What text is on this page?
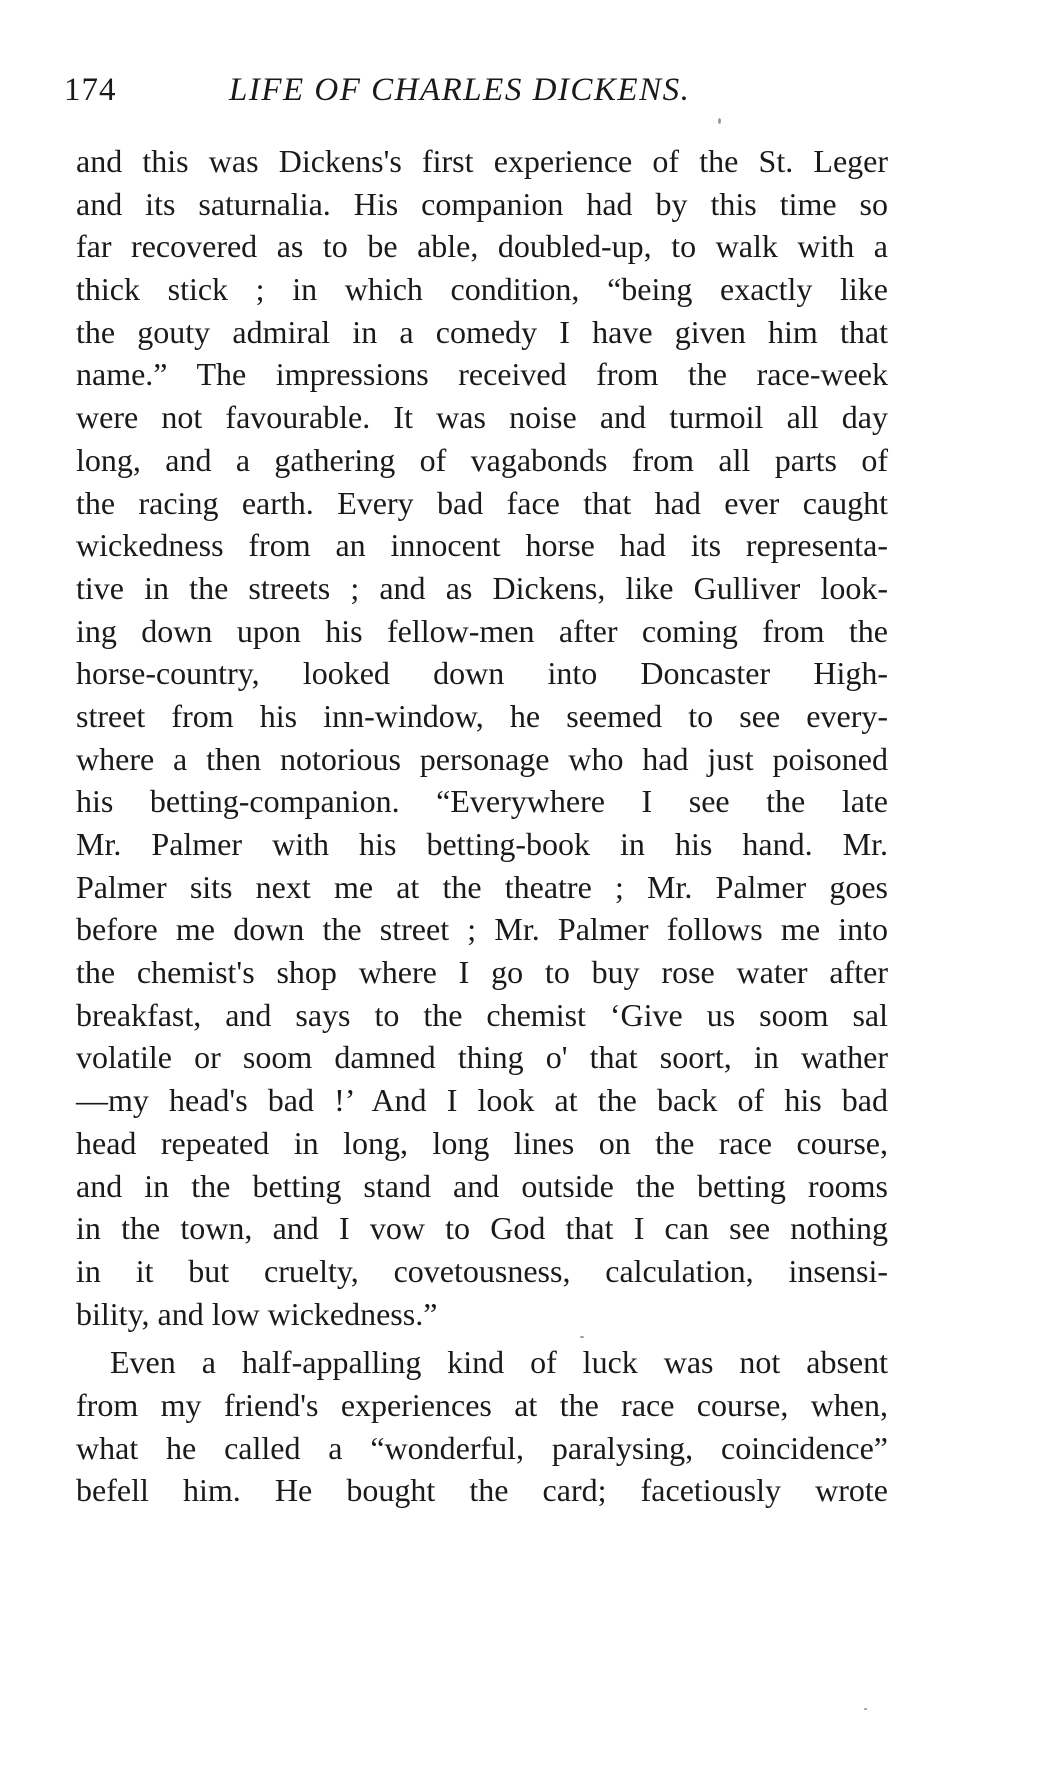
174	LIFE OF CHARLES DICKENS.
and this was Dickens's first experience of the St. Leger
and its saturnalia. His companion had by this time so
far recovered as to be able, doubled-up, to walk with a
thick stick ; in which condition, “being exactly like
the gouty admiral in a comedy I have given him that
name.” The impressions received from the race-week
were not favourable. It was noise and turmoil all day
long, and a gathering of vagabonds from all parts of
the racing earth. Every bad face that had ever caught
wickedness from an innocent horse had its representa-
tive in the streets ; and as Dickens, like Gulliver look-
ing down upon his fellow-men after coming from the
horse-country, looked down into Doncaster High-
street from his inn-window, he seemed to see every-
where a then notorious personage who had just poisoned
his betting-companion. “Everywhere I see the late
Mr. Palmer with his betting-book in his hand. Mr.
Palmer sits next me at the theatre ; Mr. Palmer goes
before me down the street ; Mr. Palmer follows me into
the chemist's shop where I go to buy rose water after
breakfast, and says to the chemist ‘Give us soom sal
volatile or soom damned thing o' that soort, in wather
—my head's bad !’ And I look at the back of his bad
head repeated in long, long lines on the race course,
and in the betting stand and outside the betting rooms
in the town, and I vow to God that I can see nothing
in it but cruelty, covetousness, calculation, insensi-
bility, and low wickedness.”
Even a half-appalling kind of luck was not absent
from my friend's experiences at the race course, when,
what he called a “wonderful, paralysing, coincidence”
befell him. He bought the card; facetiously wrote
